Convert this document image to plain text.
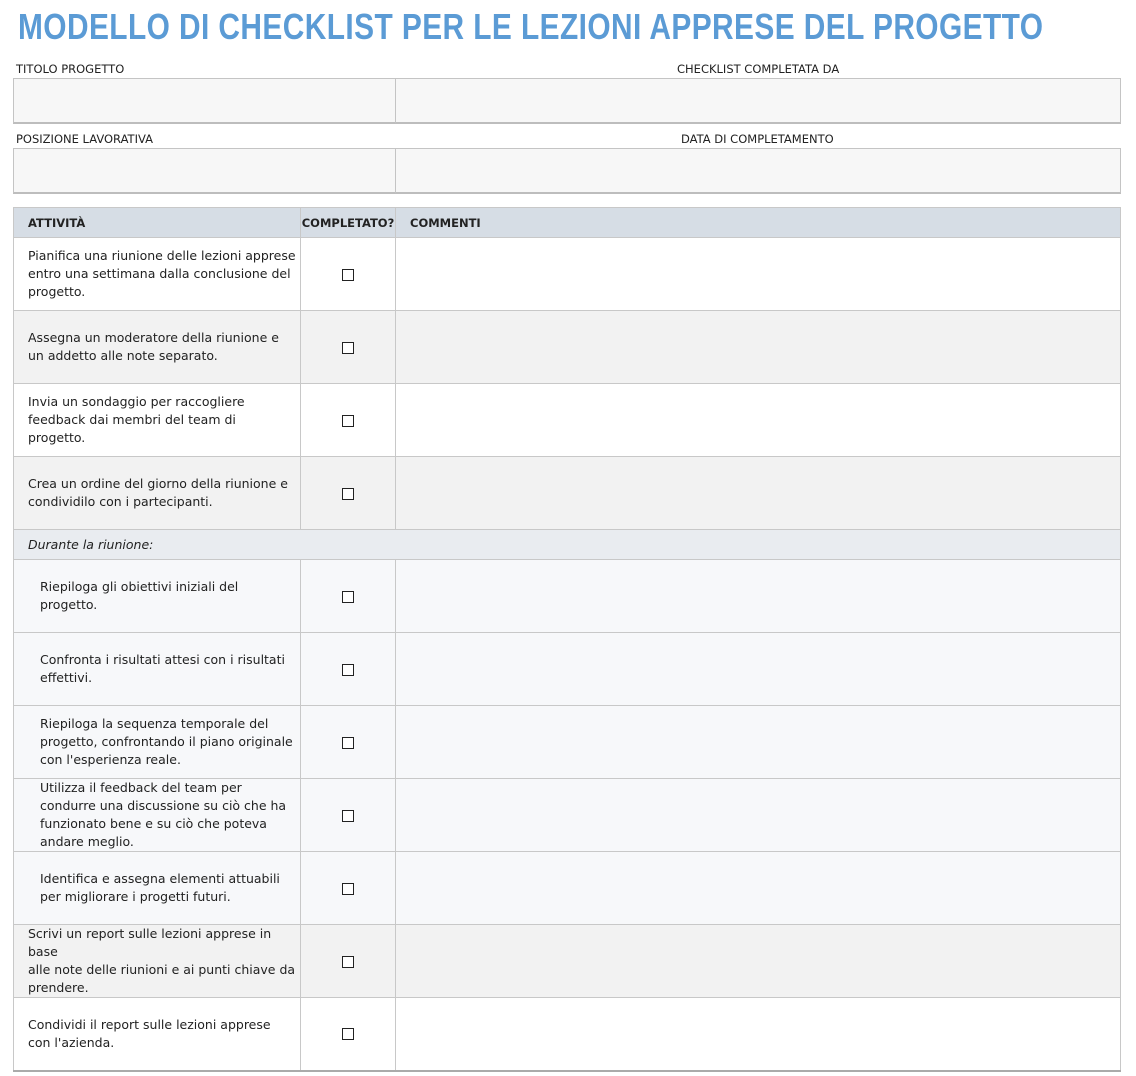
MODELLO DI CHECKLIST PER LE LEZIONI APPRESE DEL PROGETTO
TITOLO PROGETTO	CHECKLIST COMPLETATA DA
POSIZIONE LAVORATIVA	DATA DI COMPLETAMENTO
ATTIVITÀ	COMPLETATO?	COMMENTI
Pianifica una riunione delle lezioni apprese entro una settimana dalla conclusione del progetto.		
Assegna un moderatore della riunione e un addetto alle note separato.		
Invia un sondaggio per raccogliere feedback dai membri del team di progetto.		
Crea un ordine del giorno della riunione e condividilo con i partecipanti.		
Durante la riunione:		
Riepiloga gli obiettivi iniziali del progetto.		
Confronta i risultati attesi con i risultati effettivi.		
Riepiloga la sequenza temporale del progetto, confrontando il piano originale con l'esperienza reale.		
Utilizza il feedback del team per condurre una discussione su ciò che ha funzionato bene e su ciò che poteva andare meglio.		
Identifica e assegna elementi attuabili per migliorare i progetti futuri.		
Scrivi un report sulle lezioni apprese in base
alle note delle riunioni e ai punti chiave da prendere.		
Condividi il report sulle lezioni apprese con l'azienda.		
